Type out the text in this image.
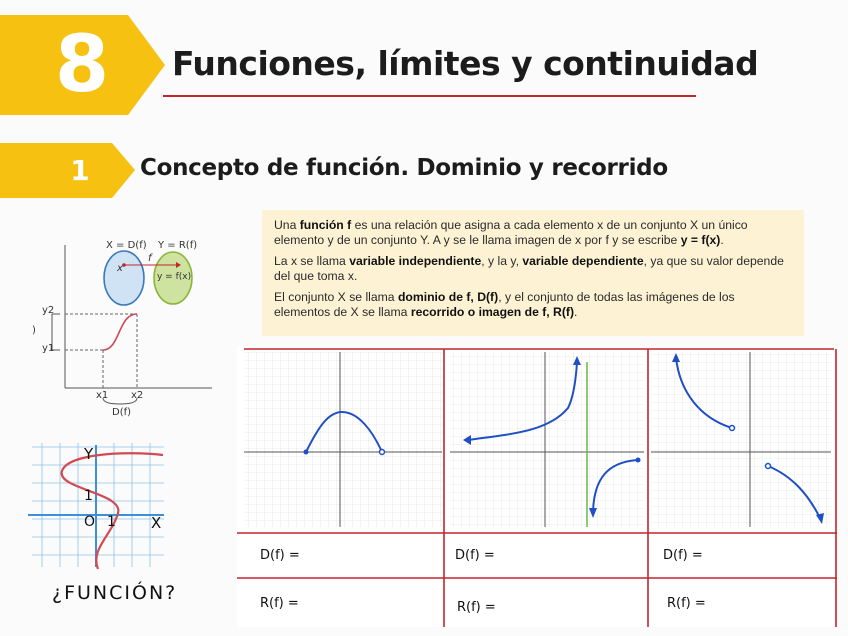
8	Funciones, límites y continuidad
1	Concepto de función. Dominio y recorrido

Una función f es una relación que asigna a cada elemento x de un conjunto X un único elemento y de un conjunto Y. A y se le llama imagen de x por f y se escribe y = f(x).

La x se llama variable independiente, y la y, variable dependiente, ya que su valor depende del que toma x.

El conjunto X se llama dominio de f, D(f), y el conjunto de todas las imágenes de los elementos de X se llama recorrido o imagen de f, R(f).

X = D(f) Y = R(f)
x
f
y = f(x)
y2
y1
)
x1 x2
D(f)
Y
X
O 1
1
¿FUNCIÓN?
D(f) =	D(f) =	D(f) =
R(f) =	R(f) =	R(f) =
